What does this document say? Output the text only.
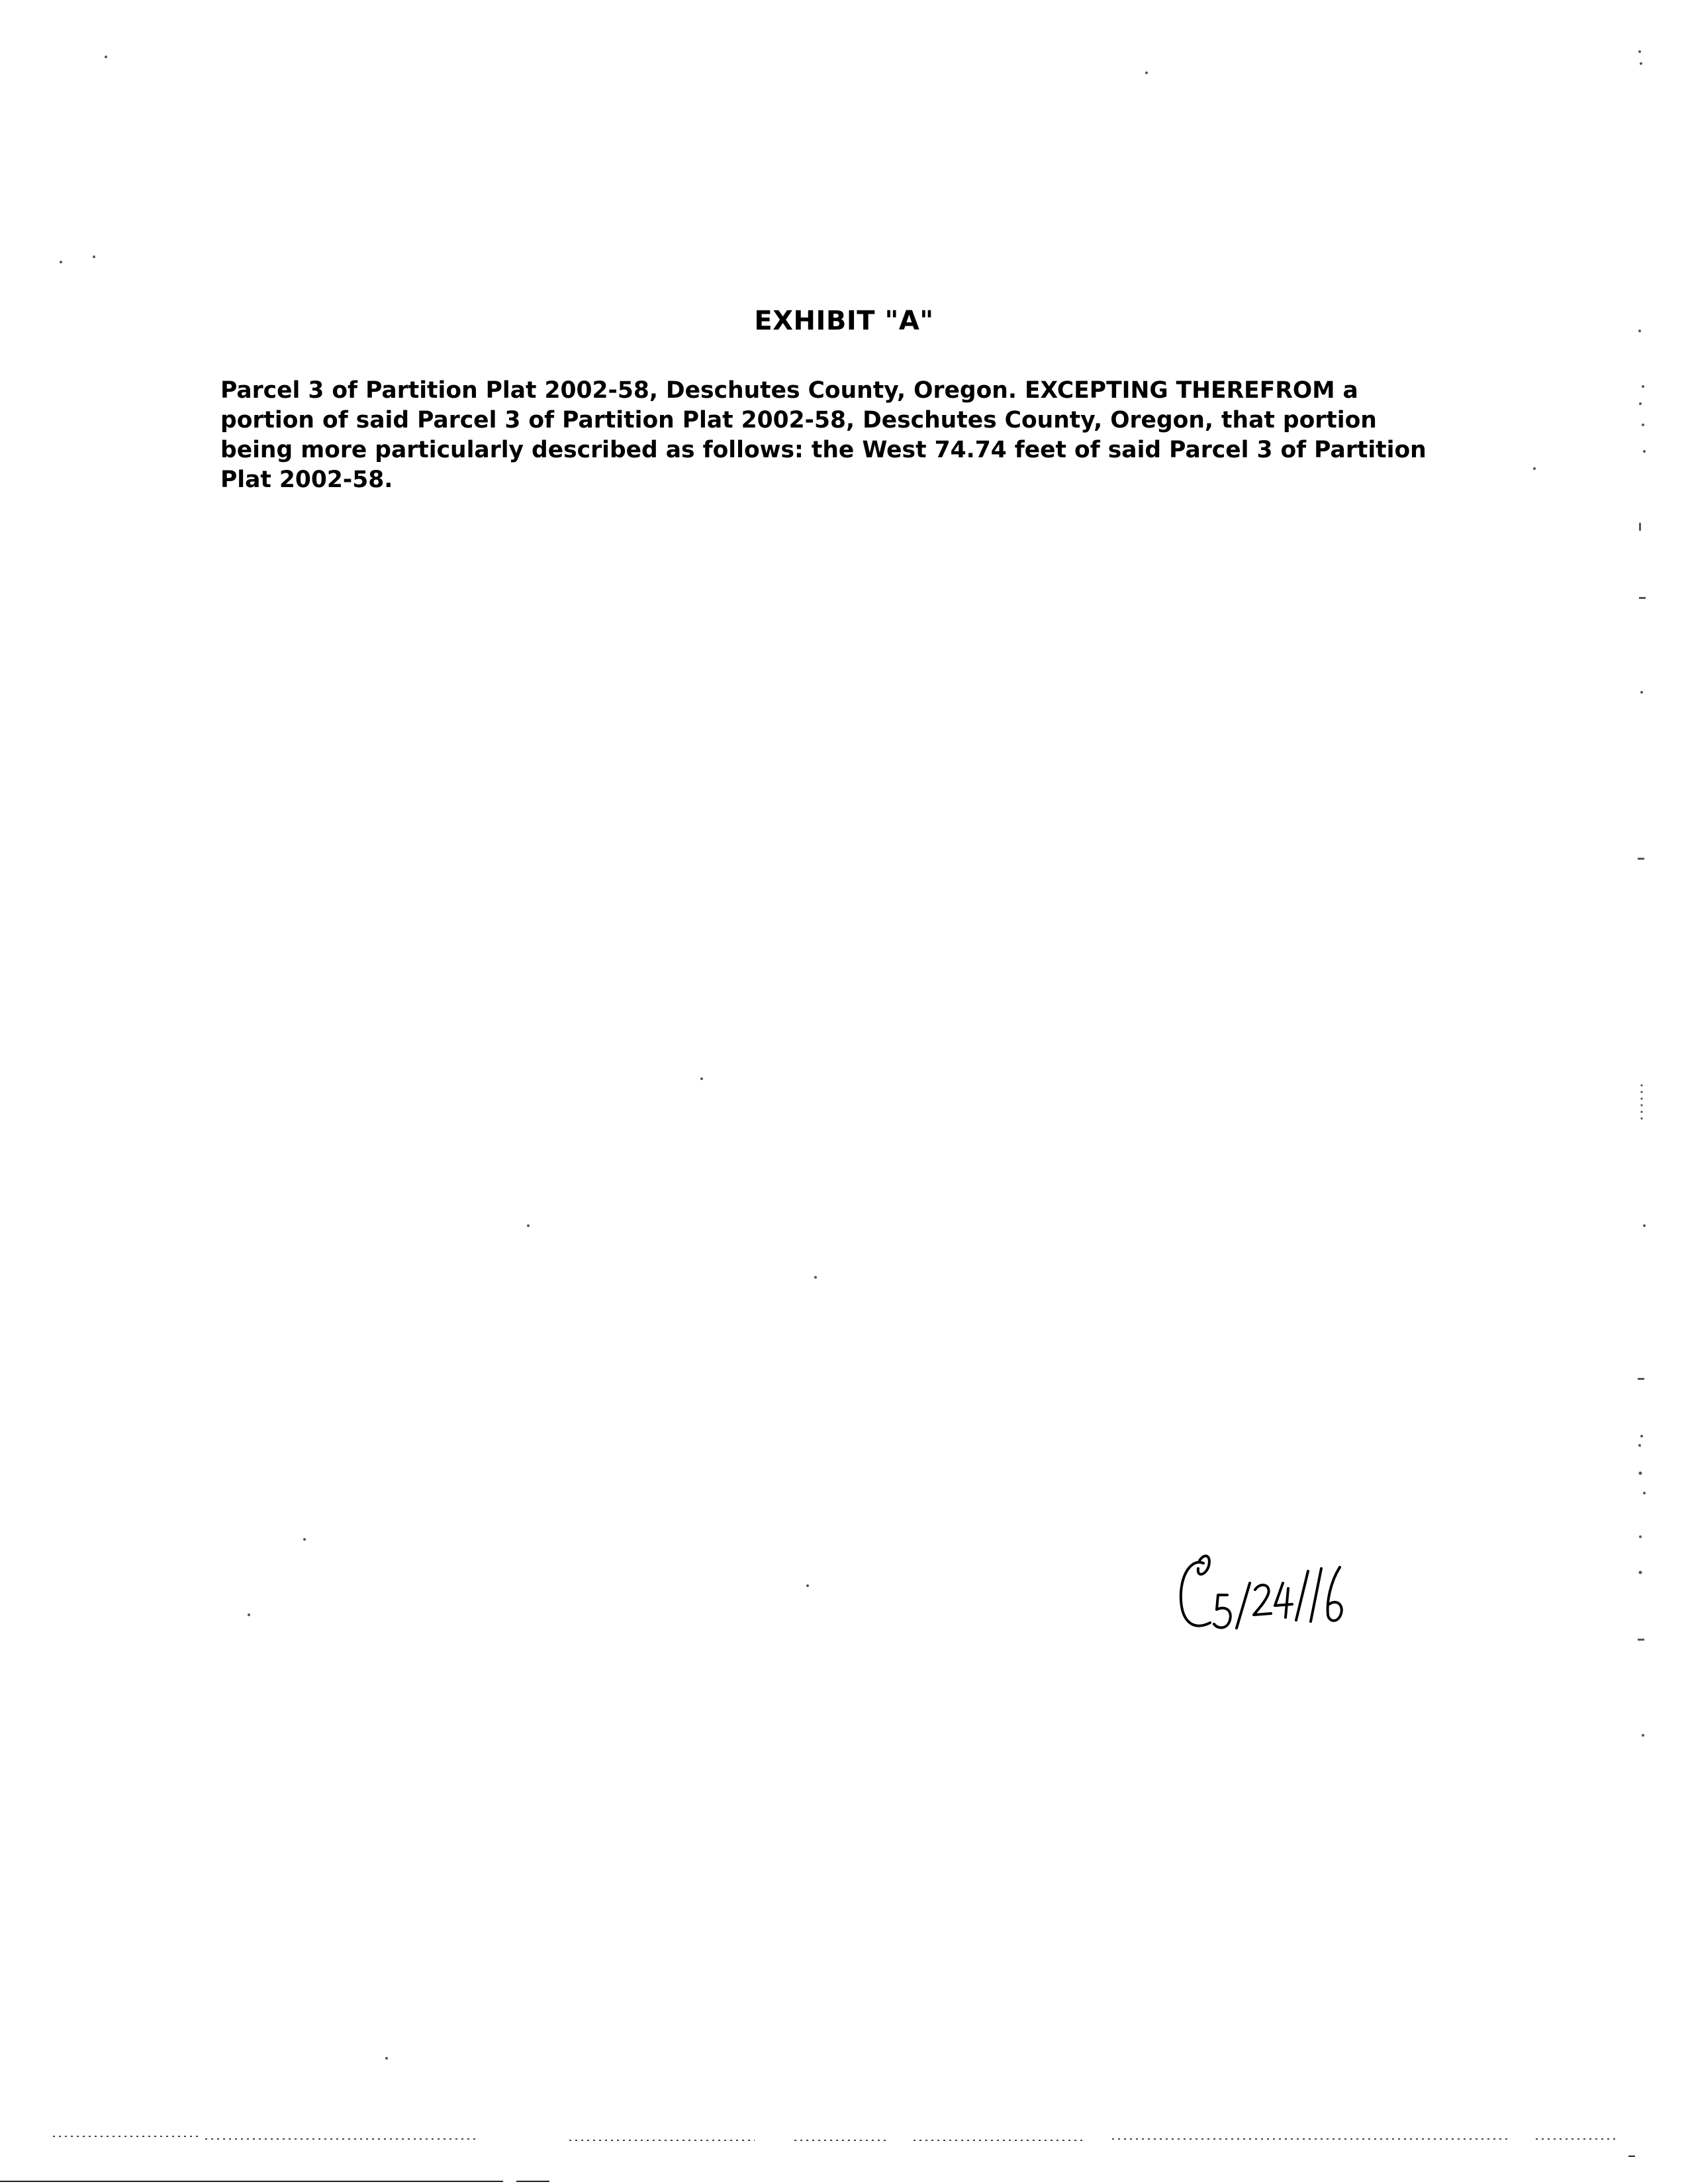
EXHIBIT "A"

Parcel 3 of Partition Plat 2002-58, Deschutes County, Oregon. EXCEPTING THEREFROM a portion of said Parcel 3 of Partition Plat 2002-58, Deschutes County, Oregon, that portion being more particularly described as follows: the West 74.74 feet of said Parcel 3 of Partition Plat 2002-58.
